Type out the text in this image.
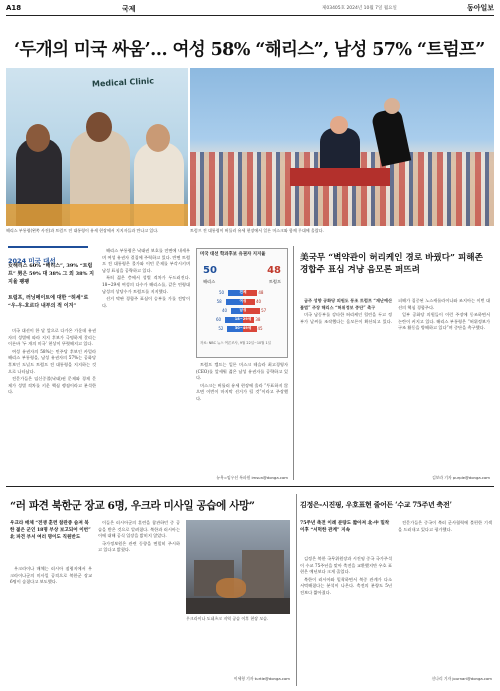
A18	국제	제03405호 2024년 10월 7일 월요일	동아일보
‘두개의 미국 싸움’… 여성 58% “해리스”, 남성 57% “트럼프”
Medical Clinic
해리스 부통령(왼쪽 사진)과 트럼프 전 대통령이 유세 현장에서 지지자들과 만나고 있다.	트럼프 전 대통령이 버틀러 유세 현장에서 일론 머스크와 함께 무대에 올랐다.
2024 미국 대선
女해리스 60% “해리스”, 39% “트럼프” 男은 59% 대 38% 그 외 38% 지지율 팽팽
트럼프, 러닝메이트에 대한 “허세”로 “우-우-호르다 내부의 적 이겨”

미국 대선이 한 달 앞으로 다가온 가운데 유권자의 성별에 따라 지지 후보가 극명하게 갈리는 이른바 ‘두 개의 미국’ 현상이 뚜렷해지고 있다.

여성 유권자의 58%는 민주당 후보인 카멀라 해리스 부통령을, 남성 유권자의 57%는 공화당 후보인 도널드 트럼프 전 대통령을 지지하는 것으로 나타났다.

전문가들은 임신중절(낙태)권 문제와 경제 문제가 성별 격차를 키운 핵심 쟁점이라고 분석한다.

해리스 부통령은 낙태권 보호를 전면에 내세우며 여성 유권자 결집에 주력하고 있다. 반면 트럼프 전 대통령은 물가와 이민 문제를 부각시키며 남성 표심을 공략하고 있다.

특히 젊은 층에서 성별 격차가 두드러진다. 18~29세 여성의 다수가 해리스를, 같은 연령대 남성의 상당수가 트럼프를 지지했다.

선거 막판 경합주 표심이 승부를 가를 전망이다.

미국 대선 학과후보 유권자 지지율
50	48
해리스	트럼프
50	48
전체
58	40
여성
40	57
남성
60	38
18~29세
52	45
30~49세
자료: NBC 뉴스 여론조사, 9월 22일~10월 1일

트럼프 캠프는 일론 머스크 테슬라 최고경영자(CEO)를 앞세워 젊은 남성 유권자를 공략하고 있다.

머스크는 버틀러 유세 현장에 올라 “투표하지 않으면 이번이 마지막 선거가 될 것”이라고 주장했다.

뉴욕=임우선 특파원 imsun@donga.com
美국무 “벽약관이 허리케인 경로 바꿨다” 피해존 경합주 표심 겨냥 음모론 퍼뜨려

금주 성향 공화당 의원도 동조 트럼프 “재난예산 불법” 주장 해리스 “허위정보 중단” 촉구

미국 남동부를 강타한 허리케인 헐린을 두고 정부가 날씨를 조작했다는 음모론이 확산되고 있다. 피해가 집중된 노스캐롤라이나와 조지아는 이번 대선의 핵심 경합주다.

일부 공화당 의원들이 이런 주장에 동조하면서 논란이 커지고 있다. 해리스 부통령은 “허위정보가 구조 활동을 방해하고 있다”며 중단을 촉구했다.

김보라 기자 purple@donga.com
“러 파견 북한군 장교 6명, 우크라 미사일 공습에 사망”
우크라 매체 “전쟁 훈련 참관중 숨져 북한 젊은 군인 18명 부상 보고되어 이번” 北 파견 부서 여러 명이도 직원반도

우크라이나 매체는 러시아 점령지에서 우크라이나군의 미사일 공격으로 북한군 장교 6명이 숨졌다고 보도했다.

이들은 러시아군의 훈련을 참관하던 중 공습을 받은 것으로 알려졌다. 북한과 러시아는 이에 대해 공식 입장을 밝히지 않았다.

국가정보원은 관련 동향을 면밀히 주시하고 있다고 밝혔다.

우크라이나 도네츠크 지역 공습 이후 현장 모습.
이세형 기자 turtle@donga.com
김정은-시진핑, 우호표현 줄어든 ‘수교 75주년 축전’
75주년 축전 이례 분량도 짧아져 北-中 밀착이후 “서먹한 관계” 지속

김정은 북한 국무위원장과 시진핑 중국 국가주석이 수교 75주년을 맞아 축전을 교환했지만 우호 표현은 예년보다 크게 줄었다.

북한이 러시아와 밀착하면서 북중 관계가 다소 서먹해졌다는 분석이 나온다. 축전의 분량도 5년 전보다 짧아졌다.

전문가들은 중국이 북러 군사협력에 불편한 기색을 드러내고 있다고 평가했다.

신나리 기자 journari@donga.com
